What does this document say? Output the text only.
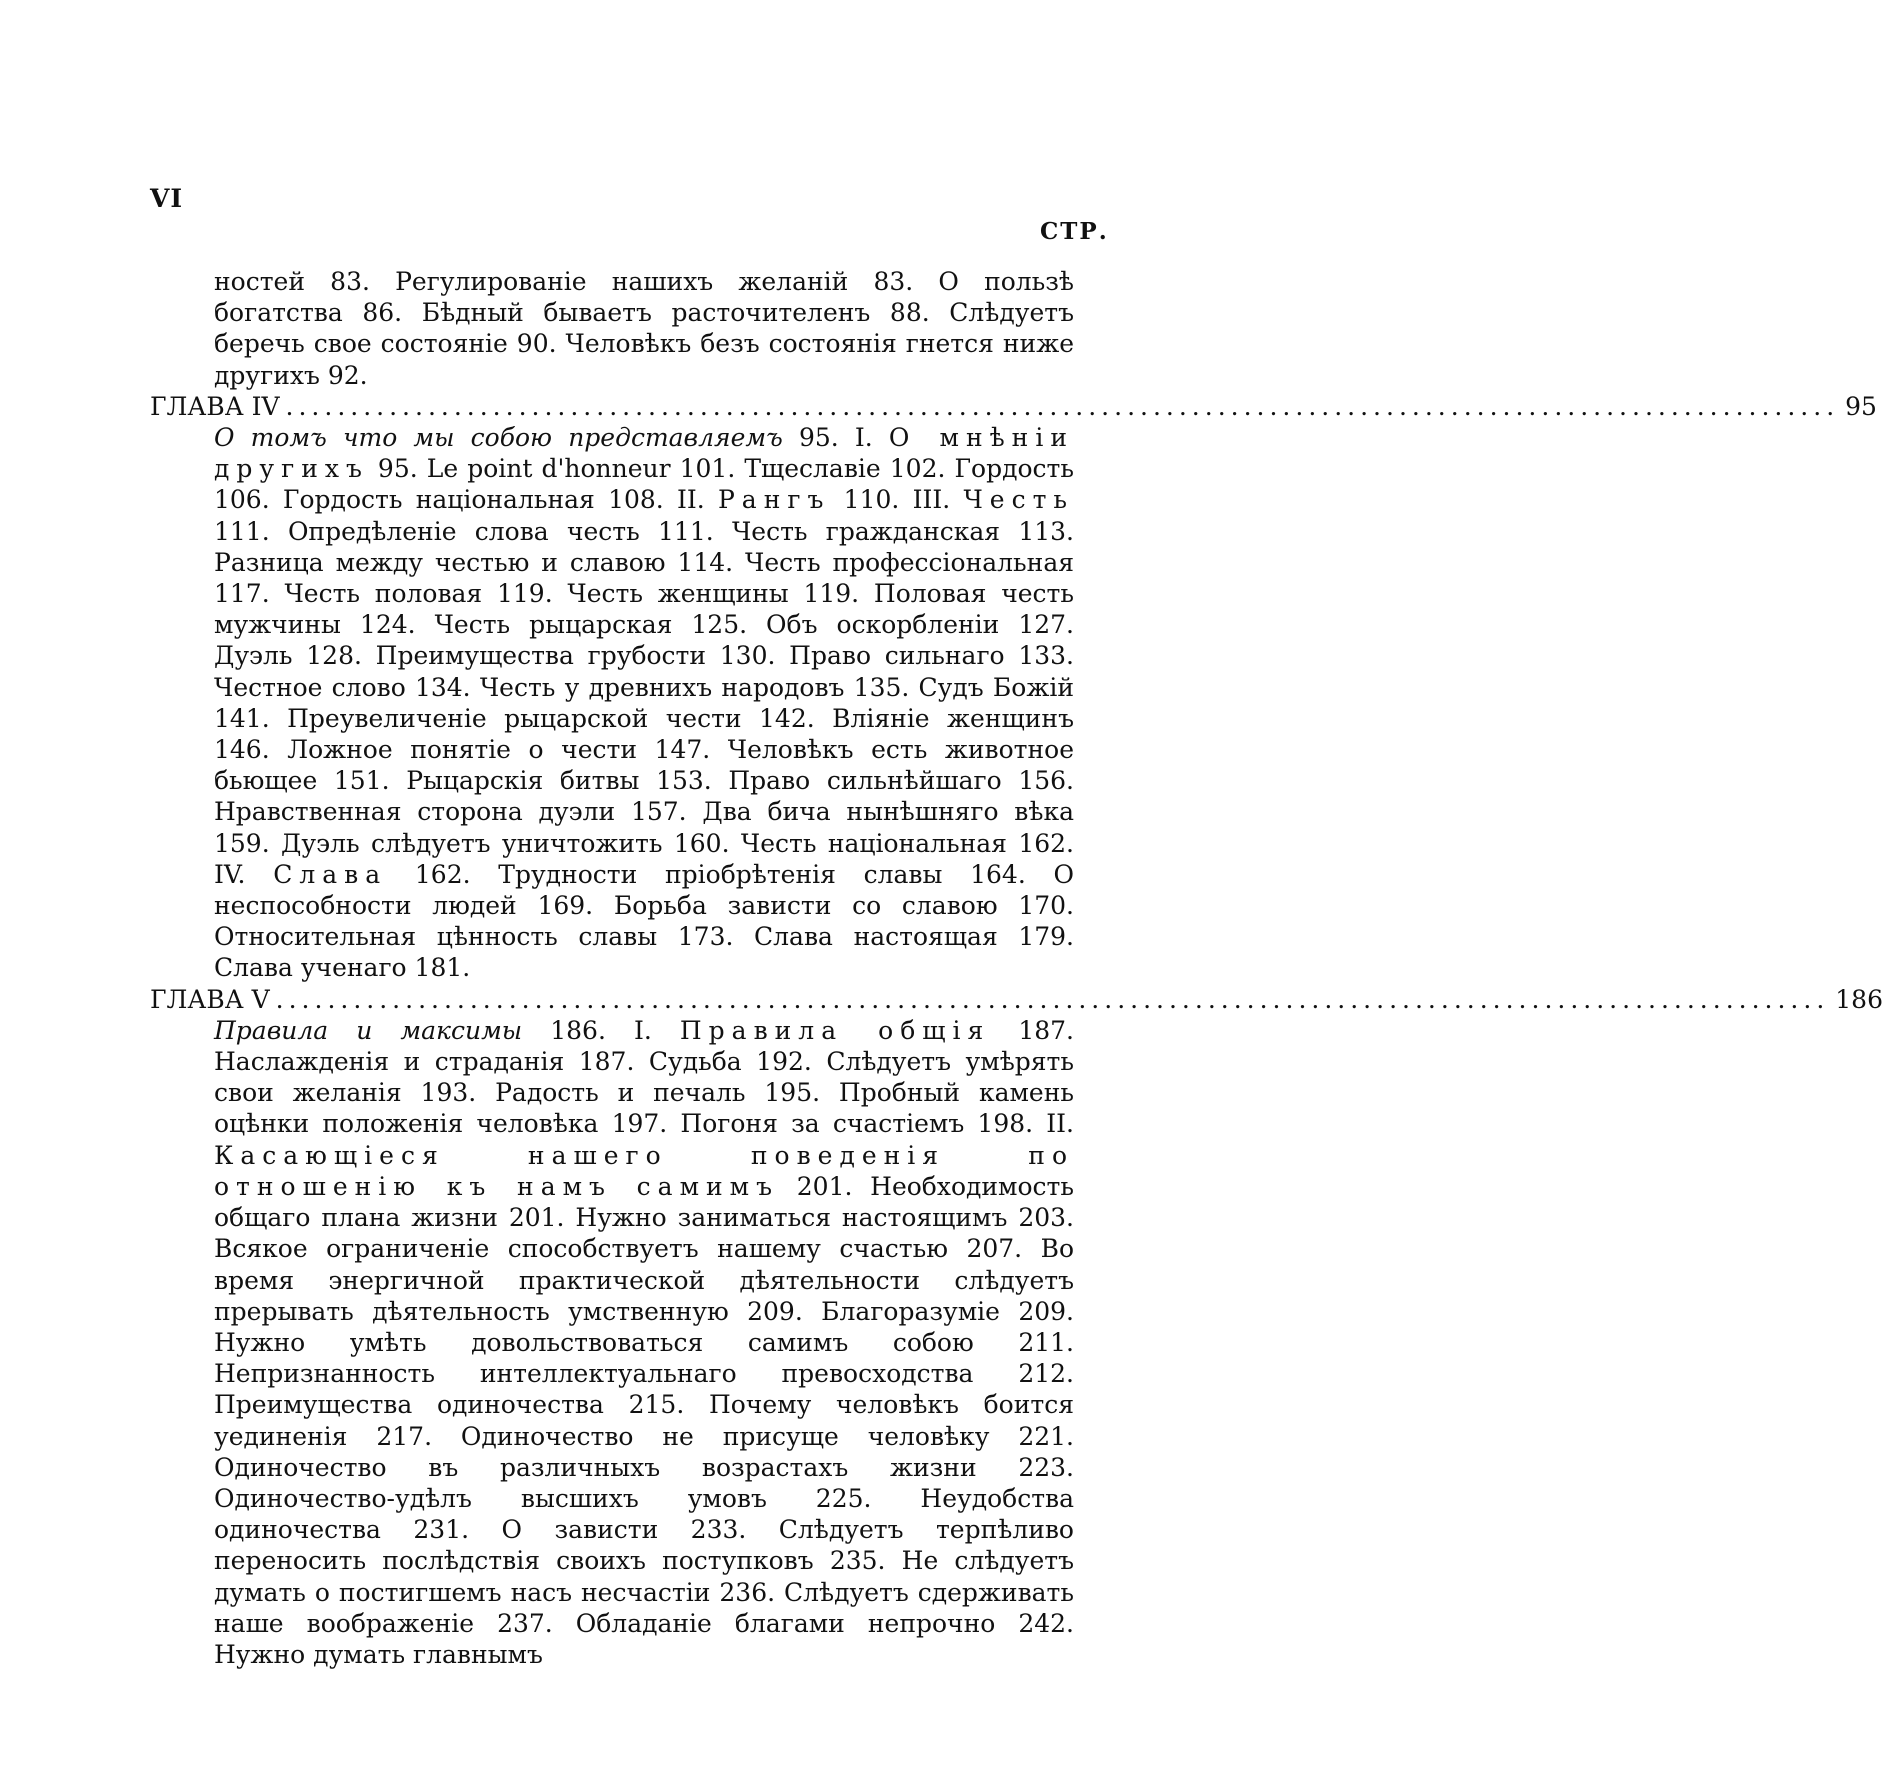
VI
СТР.
ностей 83. Регулированіе нашихъ желаній 83. О пользѣ богатства 86. Бѣдный бываетъ расточителенъ 88. Слѣдуетъ беречь свое состояніе 90. Человѣкъ безъ состоянія гнется ниже другихъ 92.
ГЛАВА IV ........................................................................................................................ 95
О томъ что мы собою представляемъ 95. I. О мнѣніи другихъ 95. Le point d'honneur 101. Тщеславіе 102. Гордость 106. Гордость національная 108. II. Рангъ 110. III. Честь 111. Опредѣленіе слова честь 111. Честь гражданская 113. Разница между честью и славою 114. Честь профессіональная 117. Честь половая 119. Честь женщины 119. Половая честь мужчины 124. Честь рыцарская 125. Объ оскорбленіи 127. Дуэль 128. Преимущества грубости 130. Право сильнаго 133. Честное слово 134. Честь у древнихъ народовъ 135. Судъ Божій 141. Преувеличеніе рыцарской чести 142. Вліяніе женщинъ 146. Ложное понятіе о чести 147. Человѣкъ есть животное бьющее 151. Рыцарскія битвы 153. Право сильнѣйшаго 156. Нравственная сторона дуэли 157. Два бича нынѣшняго вѣка 159. Дуэль слѣдуетъ уничтожить 160. Честь національная 162. IV. Слава 162. Трудности пріобрѣтенія славы 164. О неспособности людей 169. Борьба зависти со славою 170. Относительная цѣнность славы 173. Слава настоящая 179. Слава ученаго 181.
ГЛАВА V ........................................................................................................................ 186
Правила и максимы 186. I. Правила общія 187. Наслажденія и страданія 187. Судьба 192. Слѣдуетъ умѣрять свои желанія 193. Радость и печаль 195. Пробный камень оцѣнки положенія человѣка 197. Погоня за счастіемъ 198. II. Касающіеся нашего поведенія по отношенію къ намъ самимъ 201. Необходимость общаго плана жизни 201. Нужно заниматься настоящимъ 203. Всякое ограниченіе способствуетъ нашему счастью 207. Во время энергичной практической дѣятельности слѣдуетъ прерывать дѣятельность умственную 209. Благоразуміе 209. Нужно умѣть довольствоваться самимъ собою 211. Непризнанность интеллектуальнаго превосходства 212. Преимущества одиночества 215. Почему человѣкъ боится уединенія 217. Одиночество не присуще человѣку 221. Одиночество въ различныхъ возрастахъ жизни 223. Одиночество-удѣлъ высшихъ умовъ 225. Неудобства одиночества 231. О зависти 233. Слѣдуетъ терпѣливо переносить послѣдствія своихъ поступковъ 235. Не слѣдуетъ думать о постигшемъ насъ несчастіи 236. Слѣдуетъ сдерживать наше воображеніе 237. Обладаніе благами непрочно 242. Нужно думать главнымъ
